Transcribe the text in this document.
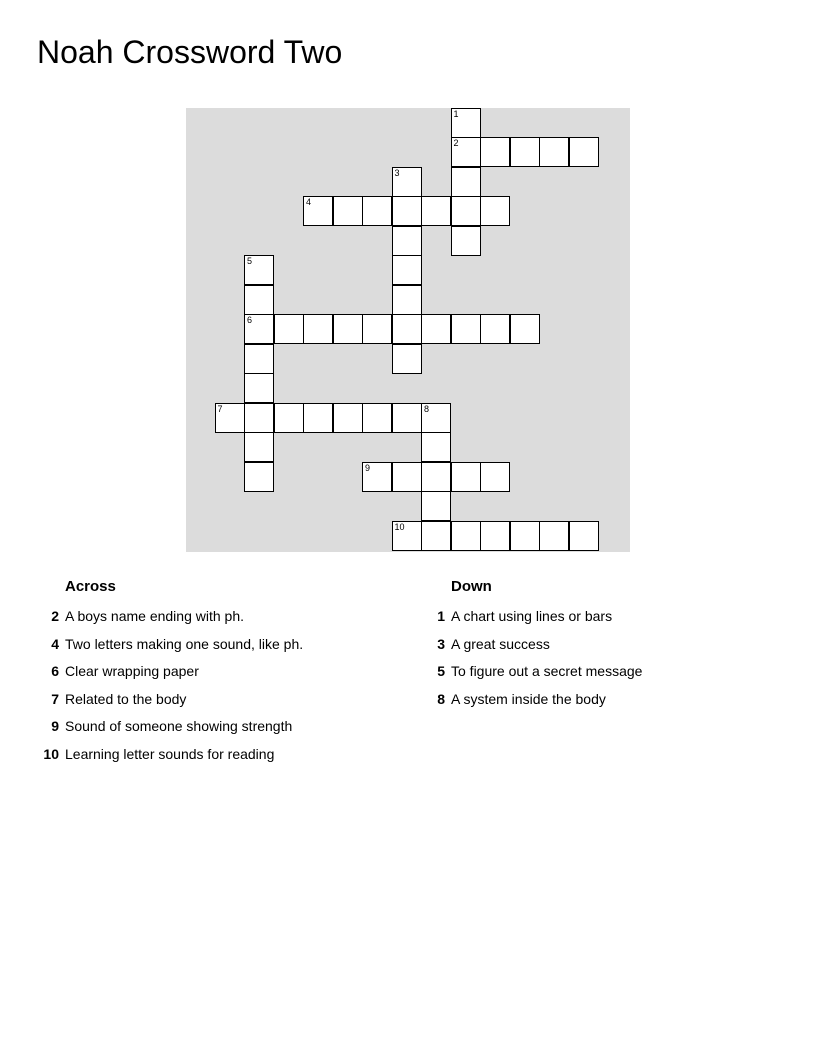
Noah Crossword Two
1
2
3
4
5
6
7	8
9
10
Across
2 A boys name ending with ph.
4 Two letters making one sound, like ph.
6 Clear wrapping paper
7 Related to the body
9 Sound of someone showing strength
10 Learning letter sounds for reading
Down
1 A chart using lines or bars
3 A great success
5 To figure out a secret message
8 A system inside the body
